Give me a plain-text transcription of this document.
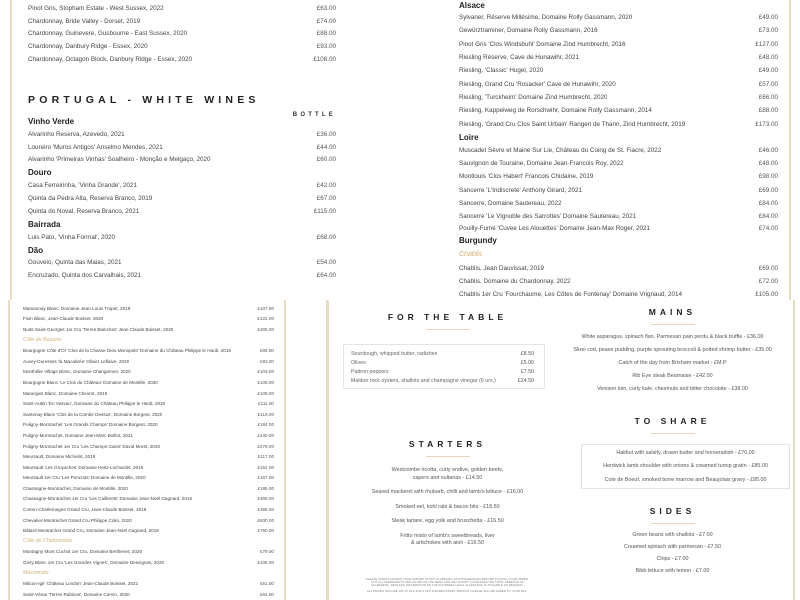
Pinot Gris, Stopham Estate - West Sussex, 2022	£63.00
Chardonnay, Bride Valley - Dorset, 2019	£74.00
Chardonnay, Guinevere, Gusbourne - East Sussex, 2020	£88.00
Chardonnay, Danbury Ridge - Essex, 2020	£93.00
Chardonnay, Octagon Block, Danbury Ridge - Essex, 2020	£108.00
PORTUGAL - WHITE WINES
BOTTLE
Vinho Verde
Alvarinho Reserva, Azevedo, 2021	£36.00
Loureiro 'Muros Antigos' Anselmo Mendes, 2021	£44.00
Alvarinho 'Primeiras Vinhas' Soalheiro - Monção e Melgaço, 2020	£60.00
Douro
Casa Ferreirinha, 'Vinha Grande', 2021	£42.00
Quinta da Pedra Alta, Reserva Branco, 2019	£67.00
Quinta do Noval, Reserva Branco, 2021	£115.00
Bairrada
Luis Pato, 'Vinha Formal', 2020	£68.00
Dão
Gouveio, Quinta das Maias, 2021	£54.00
Encruzado, Quinta dos Carvalhais, 2021	£64.00
Alsace
Sylvaner, Réserve Millésime, Domaine Rolly Gassmann, 2020	£49.00
Gewürztraminer, Domaine Rolly Gassmann, 2016	£73.00
Pinot Gris 'Clos Windsbuhl' Domaine Zind Humbrecht, 2016	£127.00
Riesling Réserve, Cave de Hunawihr, 2021	£48.00
Riesling, 'Classic' Hugel, 2020	£49.00
Riesling, Grand Cru 'Rosacker' Cave de Hunawihr, 2020	£57.00
Riesling, 'Turckheim' Domaine Zind Humbrecht, 2020	£66.00
Riesling, Kappelweg de Rorschwihr, Domaine Rolly Gassmann, 2014	£88.00
Riesling, 'Grand Cru Clos Saint Urbain' Rangen de Thann, Zind Humbrecht, 2019	£173.00
Loire
Muscadet Sèvre et Maine Sur Lie, Château du Coing de St. Fiacre, 2022	£46.00
Sauvignon de Touraine, Domaine Jean-Francois Roy, 2022	£48.00
Montlouis 'Clos Habert' Francois Chidaine, 2019	£98.00
Sancerre 'L'Indiscrete' Anthony Girard, 2021	£69.00
Sancerre, Domaine Sautereau, 2022	£84.00
Sancerre 'Le Vignoble des Sarrottes' Domaine Sautereau, 2021	£84.00
Pouilly-Fumé 'Cuvee Les Alouettes' Domaine Jean-Max Roger, 2021	£74.00
Burgundy
Chablis
Chablis, Jean Dauvissat, 2019	£69.00
Chablis, Domaine du Chardonnay, 2022	£72.00
Chablis 1er Cru 'Fourchaume, Les Côtes de Fontenay' Domaine Vrignaud, 2014	£105.00
Marsannay Blanc, Domaine Jean-Louis Trapet, 2019	£107.00
Fixin Blanc, Jean-Claude Boisset, 2020	£122.00
Nuits-Saint-Georges 1er Cru 'Terres Blanches' Jean Claude Boisset, 2020	£206.00
Côte de Beaune
Bourgogne Côte d'Or 'Clos de la Chasse Dieu Monopole' Domaine du Château Philippe le Hardi, 2019	£69.00
Auxey-Duresses 'la Macabrée' Olivier Leflaive, 2020	£93.00
Monthélie Village Blanc, Domaine Changarnier, 2020	£103.00
Bourgogne Blanc 'Le Clos du Château' Domaine de Montille, 2020	£105.00
Maranges Blanc, Domaine Chevrot, 2019	£109.00
Saint-Aubin 'En Vesvau', Domaine du Château Philippe le Hardi, 2020	£111.00
Santenay Blanc 'Clos de la Combe Dessus', Domaine Borgeot, 2020	£119.00
Puligny-Montrachet 'Les Grands Champs' Domaine Borgeot, 2020	£184.00
Puligny-Montrachet, Domaine Jean-Marc Boillot, 2021	£230.00
Puligny-Montrachet 1er Cru 'Les Champs Gains' David Moret, 2020	£279.00
Meursault, Domaine Michelot, 2019	£117.00
Meursault 'Les Gruyaches' Domaine Heitz-Lochardet, 2019	£152.00
Meursault 1er Cru 'Les Poruzots' Domaine de Montille, 2020	£167.00
Chassagne-Montrachet, Domaine de Montille, 2020	£185.00
Chassagne-Montrachet 1er Cru 'Les Caillerets' Domaine Jean-Noël Gagnard, 2016	£309.00
Corton-Charlemagne Grand Cru, Jean-Claude Boisset, 2018	£395.00
Chevalier-Montrachet Grand Cru Philippe Colin, 2020	£630.00
Bâtard-Montrachet Grand Cru, Domaine Jean-Noël Gagnard, 2019	£750.00
Côte de Chalonnaise
Montagny Mont Cuchot 1er Cru, Domaine Berthenet, 2020	£79.00
Givry Blanc 1er Cru 'Les Grandes Vignes', Domaine Desvignes, 2020	£106.00
Maconnais
Mâcon-Igé 'Château London' Jean-Claude Boisset, 2021	£61.00
Saint-Véran 'Terres Rabions', Domaine Cornin, 2020	£64.00
FOR THE TABLE
Sourdough, whipped butter, radishes	£8.50
Olives	£5.00
Padron peppers	£7.50
Maldon rock oysters, shallots and champagne vinegar (6 urs.)	£24.50
STARTERS
Westcombe ricotta, curly endive, golden beets,
capers and sultanas - £14.50
Seared mackerel with rhubarb, chilli and lamb's lettuce - £16.00
Smoked eel, kohl rabi & bacon bits - £18.50
Steak tartare, egg yolk and bruschetta - £16.50
Fritto misto of lamb's sweetbreads, liver
& artichokes with aioli - £16.50
PLEASE ALWAYS INFORM YOUR SERVER OF ANY ALLERGIES OR INTOLERANCES BEFORE PLACING YOUR ORDER.
NOT ALL INGREDIENTS ARE LISTED ON THE MENU AND WE CANNOT GUARANTEE THE TOTAL ABSENCE OF
ALLERGENS. DETAILED INFORMATION ON THE FOURTEEN LEGAL ALLERGENS IS AVAILABLE ON REQUEST.
ALL PRICES INCLUDE VAT AT 20% AND A 15% DISCRETIONARY SERVICE CHARGE WILL BE ADDED TO YOUR BILL.
MAINS
White asparagus, spinach flan, Parmesan pain perdu & black truffle - £36.00
Skrei cod, pease pudding, purple sprouting broccoli & potted shrimp butter - £35.00
Catch of the day from Brixham market - £M.P
Rib Eye steak Bearnaise - £42.00
Venison loin, curly kale, chestnuts and bitter chocolate - £38.00
TO SHARE
Halibut with salsify, drawn butter and horseradish - £70.00
Herdwick lamb shoulder with onions & creamed turnip gratin - £85.00
Cote de Boeuf, smoked bone marrow and Beaujolais gravy - £95.00
SIDES
Green beans with shallots - £7.00
Creamed spinach with parmesan - £7.50
Chips - £7.00
Bibb lettuce with lemon - £7.00
